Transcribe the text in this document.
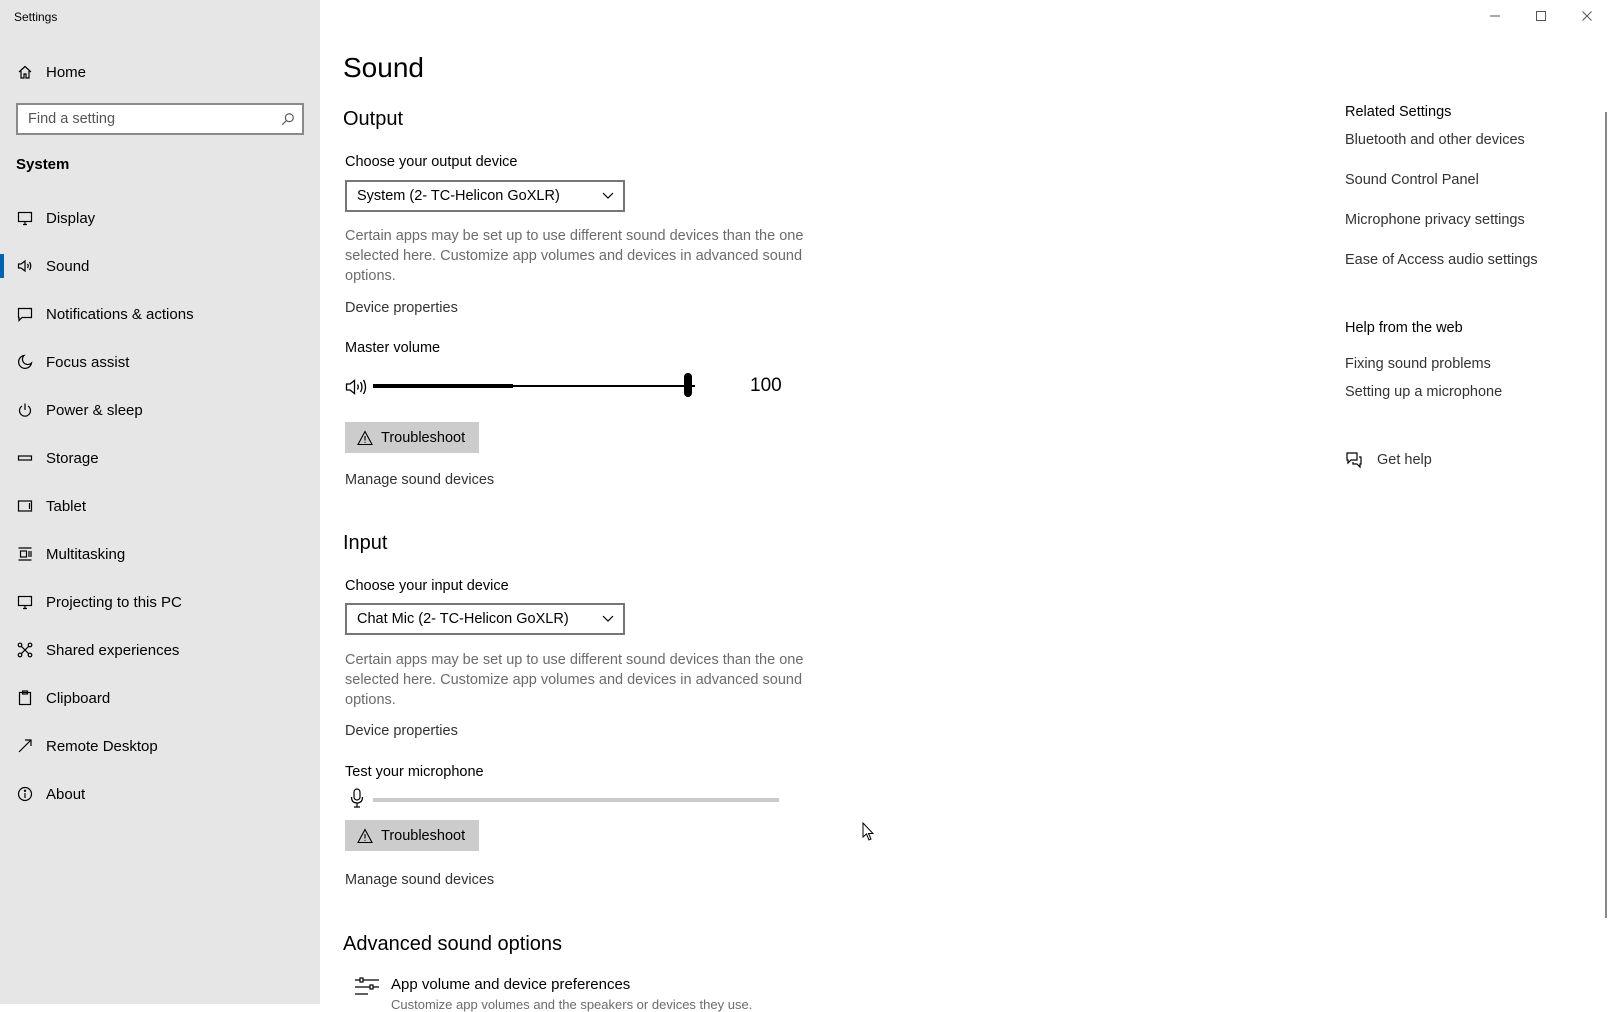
Settings
Home
Find a setting
System
Display
Sound
Notifications & actions
Focus assist
Power & sleep
Storage
Tablet
Multitasking
Projecting to this PC
Shared experiences
Clipboard
Remote Desktop
About
Sound
Output
Choose your output device
System (2- TC-Helicon GoXLR)
Certain apps may be set up to use different sound devices than the one selected here. Customize app volumes and devices in advanced sound options.
Device properties
Master volume
100
Troubleshoot
Manage sound devices
Input
Choose your input device
Chat Mic (2- TC-Helicon GoXLR)
Certain apps may be set up to use different sound devices than the one selected here. Customize app volumes and devices in advanced sound options.
Device properties
Test your microphone
Troubleshoot
Manage sound devices
Advanced sound options
App volume and device preferences
Customize app volumes and the speakers or devices they use.
Related Settings
Bluetooth and other devices
Sound Control Panel
Microphone privacy settings
Ease of Access audio settings
Help from the web
Fixing sound problems
Setting up a microphone
Get help
